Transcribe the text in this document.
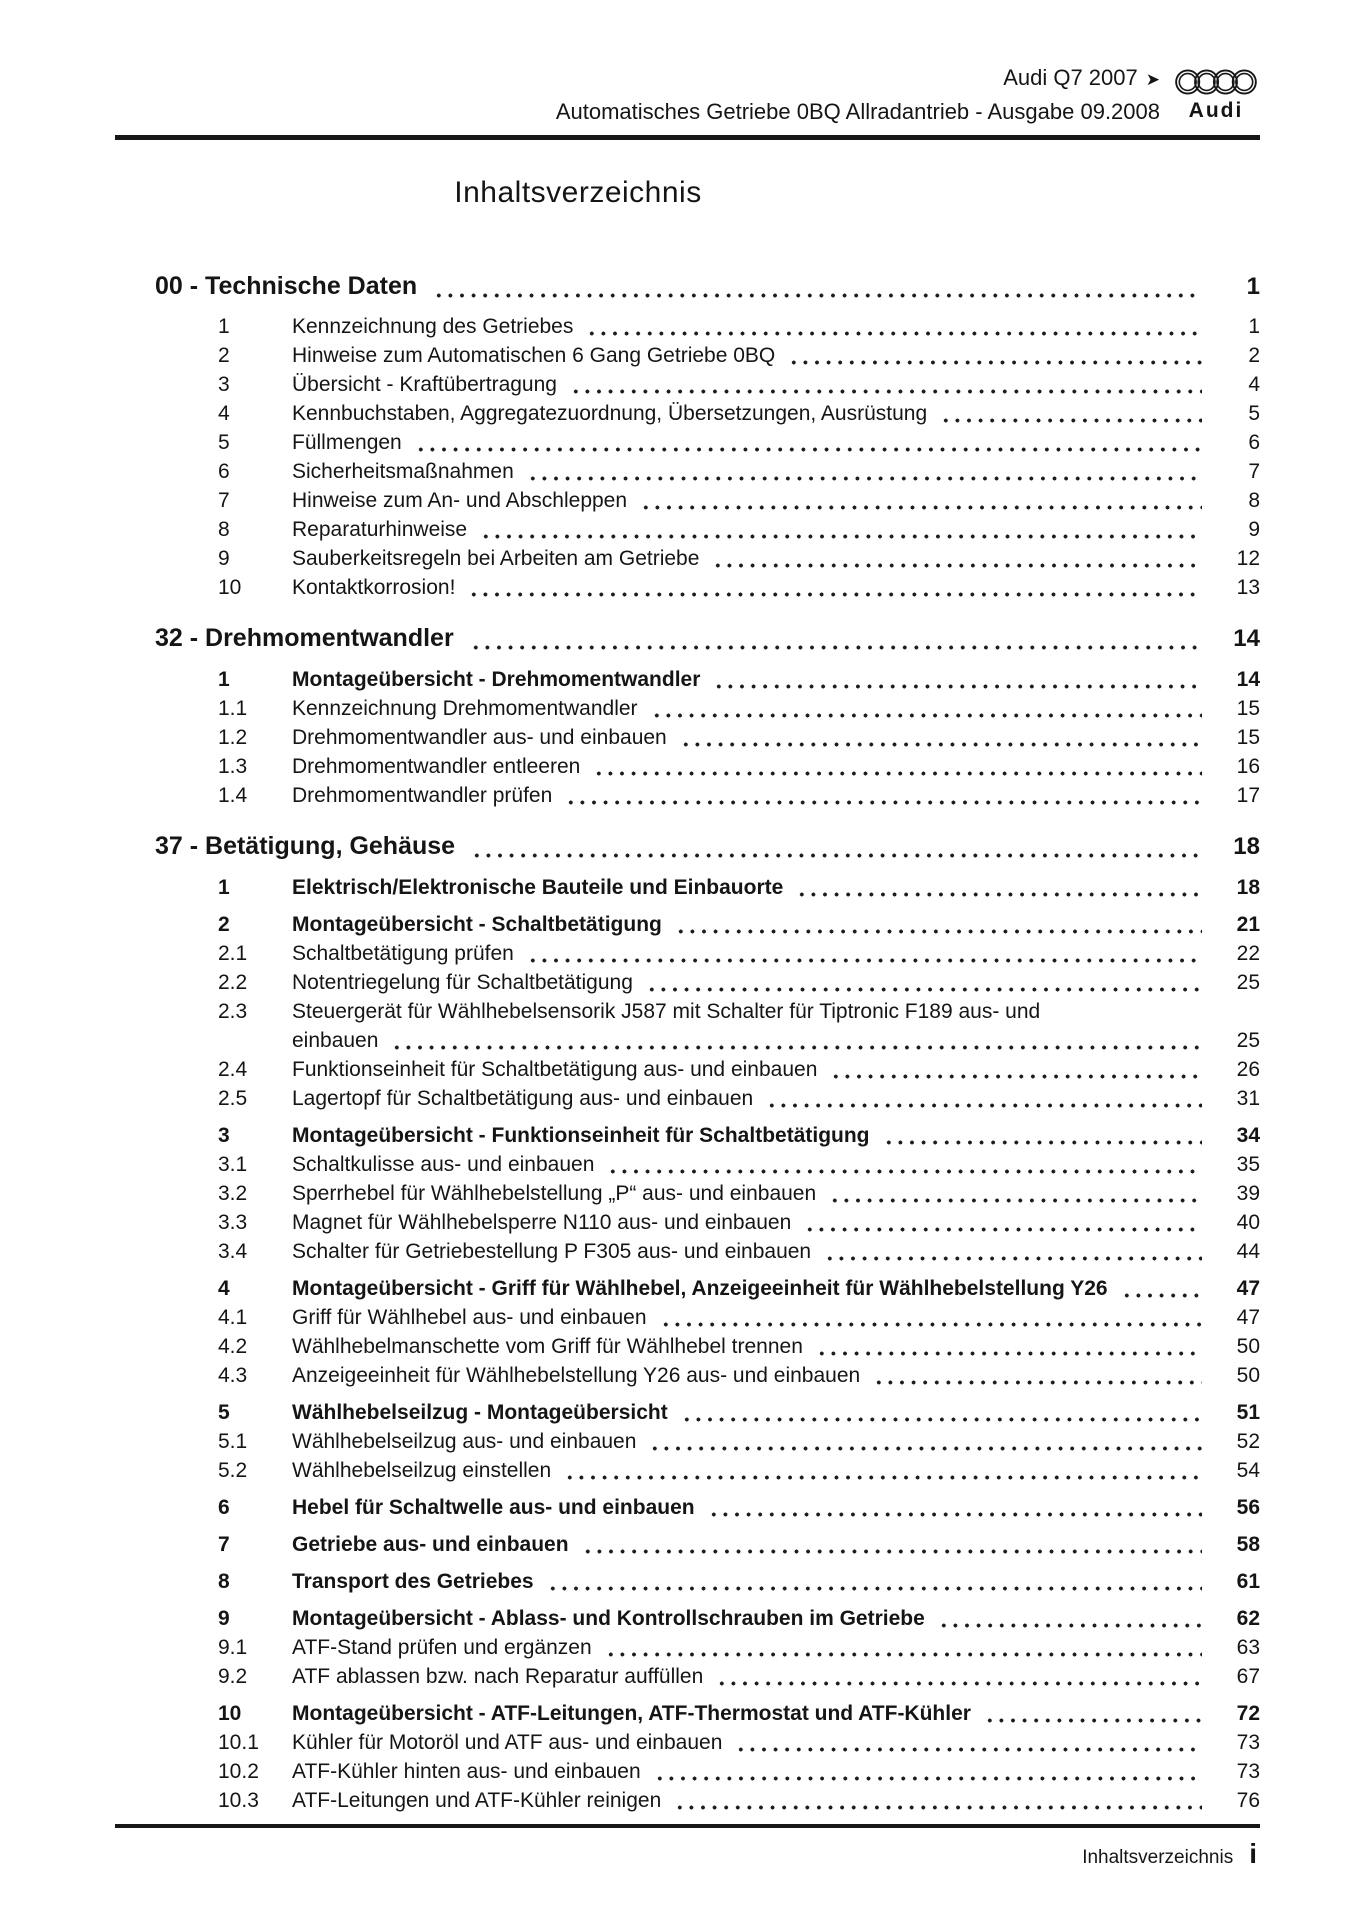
Audi Q7 2007 ➤
Automatisches Getriebe 0BQ Allradantrieb - Ausgabe 09.2008	Audi
Inhaltsverzeichnis
00 - Technische Daten	1
1	Kennzeichnung des Getriebes	1
2	Hinweise zum Automatischen 6 Gang Getriebe 0BQ	2
3	Übersicht - Kraftübertragung	4
4	Kennbuchstaben, Aggregatezuordnung, Übersetzungen, Ausrüstung	5
5	Füllmengen	6
6	Sicherheitsmaßnahmen	7
7	Hinweise zum An- und Abschleppen	8
8	Reparaturhinweise	9
9	Sauberkeitsregeln bei Arbeiten am Getriebe	12
10	Kontaktkorrosion!	13
32 - Drehmomentwandler	14
1	Montageübersicht - Drehmomentwandler	14
1.1	Kennzeichnung Drehmomentwandler	15
1.2	Drehmomentwandler aus- und einbauen	15
1.3	Drehmomentwandler entleeren	16
1.4	Drehmomentwandler prüfen	17
37 - Betätigung, Gehäuse	18
1	Elektrisch/Elektronische Bauteile und Einbauorte	18
2	Montageübersicht - Schaltbetätigung	21
2.1	Schaltbetätigung prüfen	22
2.2	Notentriegelung für Schaltbetätigung	25
2.3	Steuergerät für Wählhebelsensorik J587 mit Schalter für Tiptronic F189 aus- und
einbauen	25
2.4	Funktionseinheit für Schaltbetätigung aus- und einbauen	26
2.5	Lagertopf für Schaltbetätigung aus- und einbauen	31
3	Montageübersicht - Funktionseinheit für Schaltbetätigung	34
3.1	Schaltkulisse aus- und einbauen	35
3.2	Sperrhebel für Wählhebelstellung „P“ aus- und einbauen	39
3.3	Magnet für Wählhebelsperre N110 aus- und einbauen	40
3.4	Schalter für Getriebestellung P F305 aus- und einbauen	44
4	Montageübersicht - Griff für Wählhebel, Anzeigeeinheit für Wählhebelstellung Y26	47
4.1	Griff für Wählhebel aus- und einbauen	47
4.2	Wählhebelmanschette vom Griff für Wählhebel trennen	50
4.3	Anzeigeeinheit für Wählhebelstellung Y26 aus- und einbauen	50
5	Wählhebelseilzug - Montageübersicht	51
5.1	Wählhebelseilzug aus- und einbauen	52
5.2	Wählhebelseilzug einstellen	54
6	Hebel für Schaltwelle aus- und einbauen	56
7	Getriebe aus- und einbauen	58
8	Transport des Getriebes	61
9	Montageübersicht - Ablass- und Kontrollschrauben im Getriebe	62
9.1	ATF-Stand prüfen und ergänzen	63
9.2	ATF ablassen bzw. nach Reparatur auffüllen	67
10	Montageübersicht - ATF-Leitungen, ATF-Thermostat und ATF-Kühler	72
10.1	Kühler für Motoröl und ATF aus- und einbauen	73
10.2	ATF-Kühler hinten aus- und einbauen	73
10.3	ATF-Leitungen und ATF-Kühler reinigen	76
Inhaltsverzeichnis i
